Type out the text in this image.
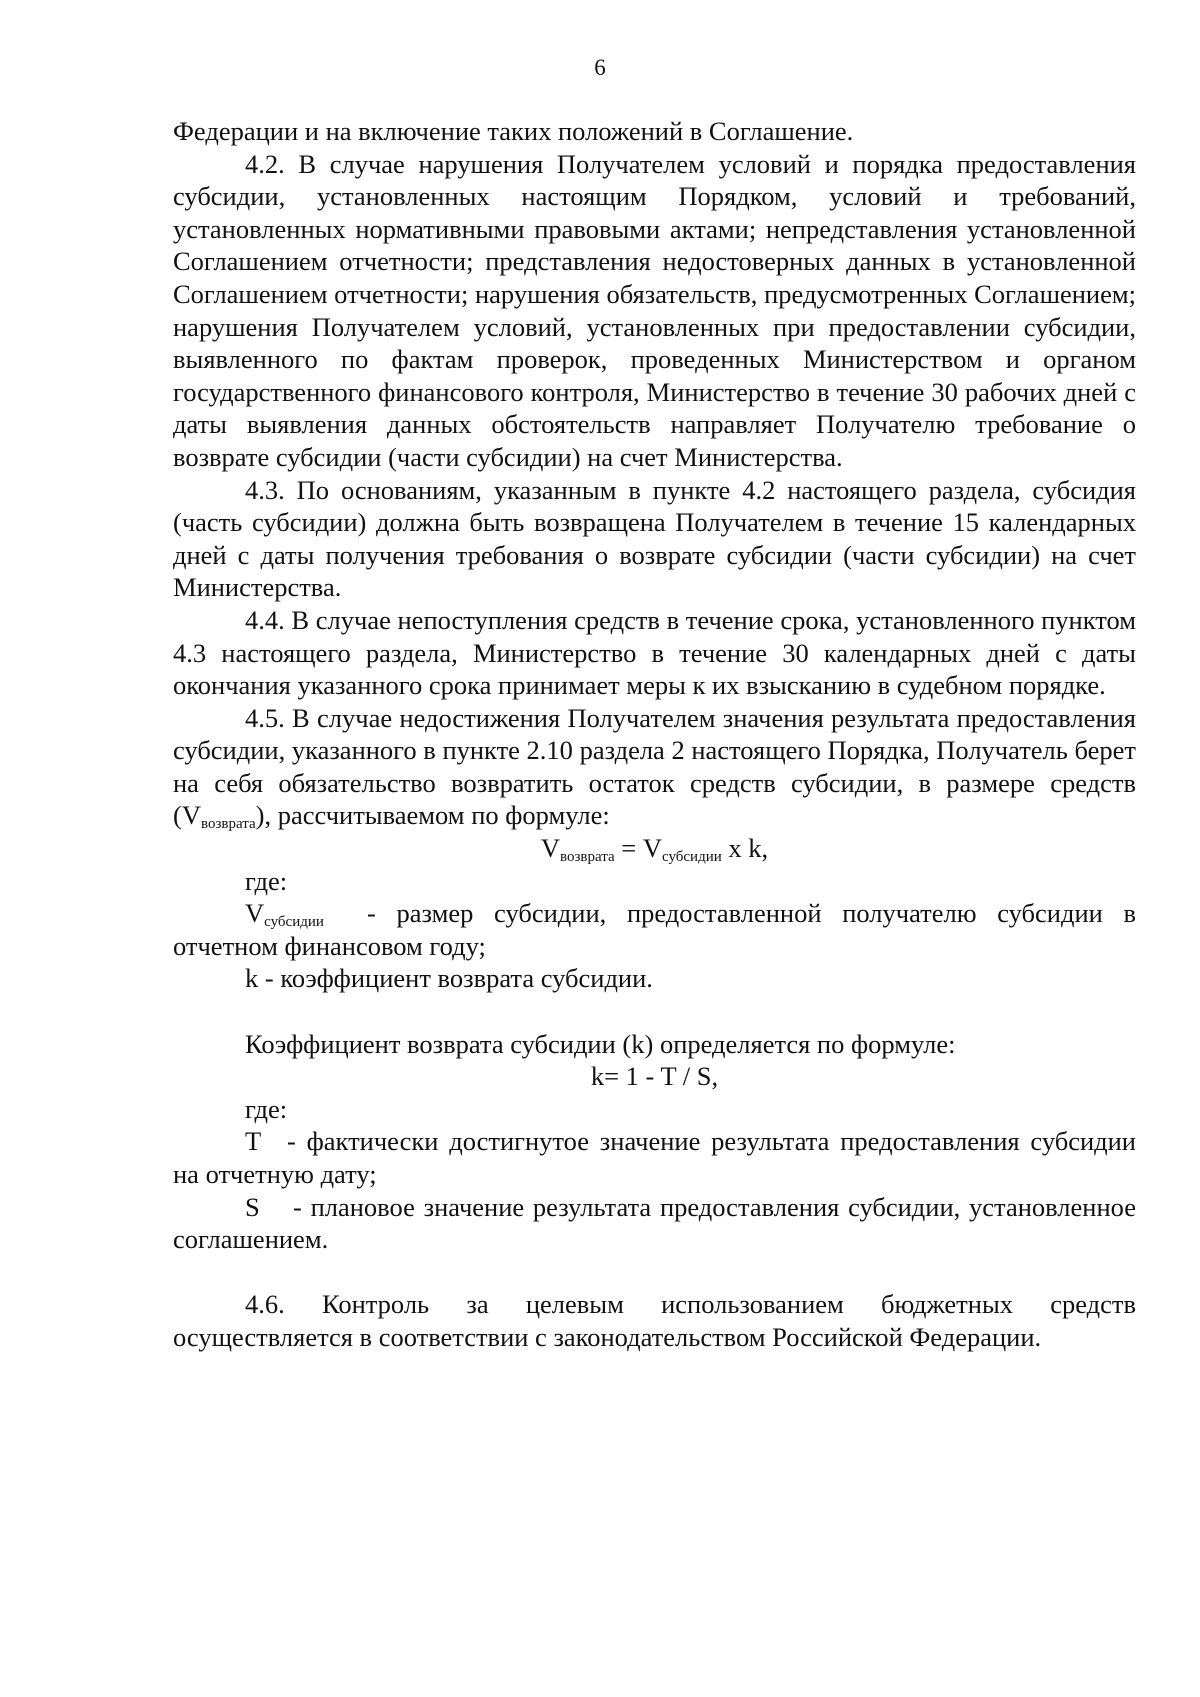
6

Федерации и на включение таких положений в Соглашение.

4.2. В случае нарушения Получателем условий и порядка предоставления субсидии, установленных настоящим Порядком, условий и требований, установленных нормативными правовыми актами; непредставления установленной Соглашением отчетности; представления недостоверных данных в установленной Соглашением отчетности; нарушения обязательств, предусмотренных Соглашением; нарушения Получателем условий, установленных при предоставлении субсидии, выявленного по фактам проверок, проведенных Министерством и органом государственного финансового контроля, Министерство в течение 30 рабочих дней с даты выявления данных обстоятельств направляет Получателю требование о возврате субсидии (части субсидии) на счет Министерства.

4.3. По основаниям, указанным в пункте 4.2 настоящего раздела, субсидия (часть субсидии) должна быть возвращена Получателем в течение 15 календарных дней с даты получения требования о возврате субсидии (части субсидии) на счет Министерства.

4.4. В случае непоступления средств в течение срока, установленного пунктом 4.3 настоящего раздела, Министерство в течение 30 календарных дней с даты окончания указанного срока принимает меры к их взысканию в судебном порядке.

4.5. В случае недостижения Получателем значения результата предоставления субсидии, указанного в пункте 2.10 раздела 2 настоящего Порядка, Получатель берет на себя обязательство возвратить остаток средств субсидии, в размере средств $(V_{возврата})$, рассчитываемом по формуле:

$V_{возврата} = V_{субсидии}$ x k,

где:

$V_{субсидии}$ - размер субсидии, предоставленной получателю субсидии в отчетном финансовом году;

k - коэффициент возврата субсидии.

Коэффициент возврата субсидии (k) определяется по формуле:

k= 1 - T / S,

где:

T - фактически достигнутое значение результата предоставления субсидии на отчетную дату;

S - плановое значение результата предоставления субсидии, установленное соглашением.

4.6. Контроль за целевым использованием бюджетных средств осуществляется в соответствии с законодательством Российской Федерации.
